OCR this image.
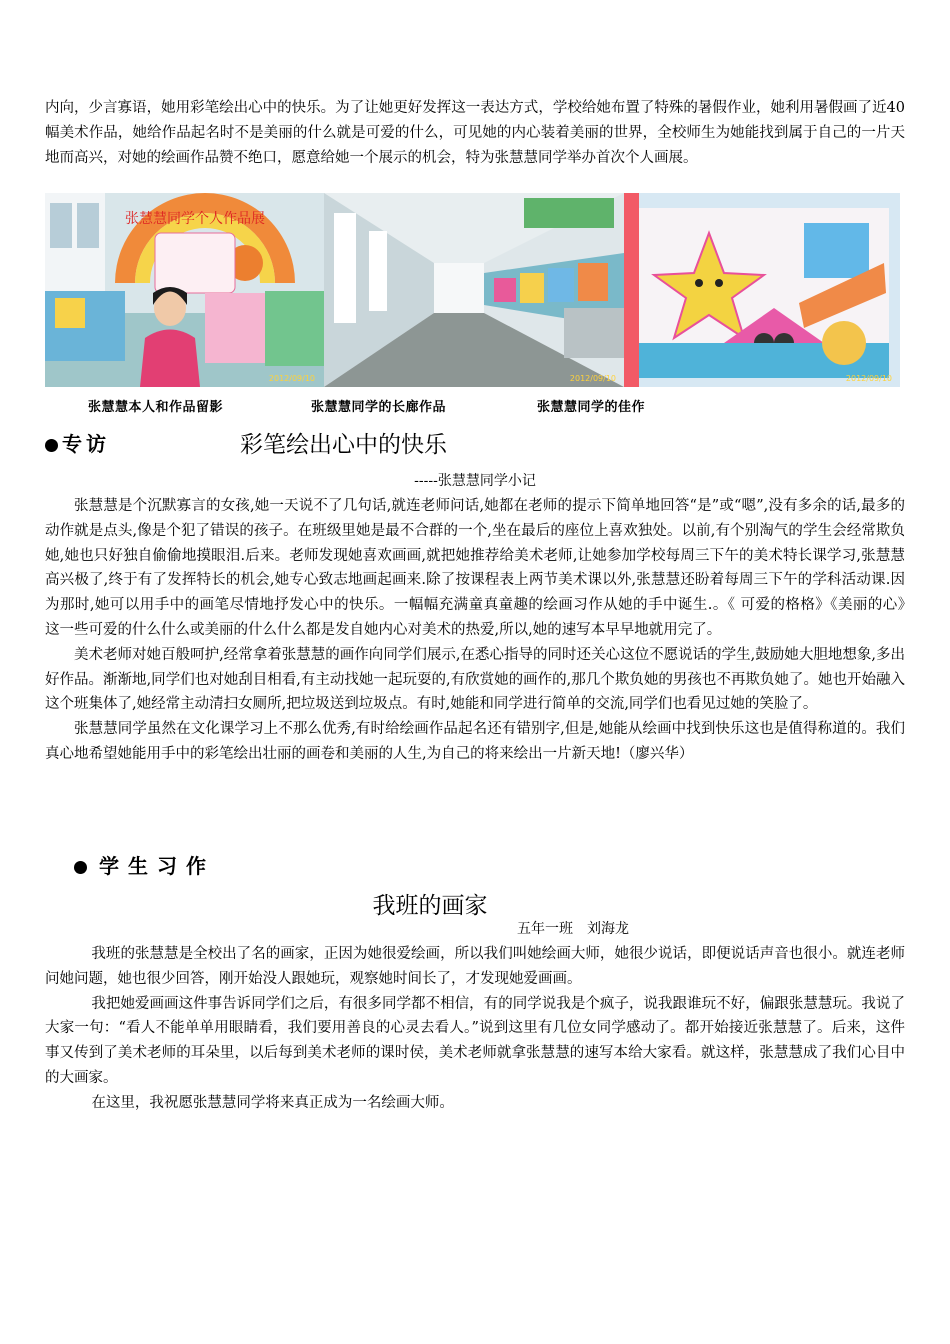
内向，少言寡语，她用彩笔绘出心中的快乐。为了让她更好发挥这一表达方式，学校给她布置了特殊的暑假作业，她利用暑假画了近40幅美术作品，她给作品起名时不是美丽的什么就是可爱的什么，可见她的内心装着美丽的世界，全校师生为她能找到属于自己的一片天地而高兴，对她的绘画作品赞不绝口，愿意给她一个展示的机会，特为张慧慧同学举办首次个人画展。

张慧慧同学个人作品展
2012/09/10	2012/09/10	2012/09/10
张慧慧本人和作品留影	张慧慧同学的长廊作品	张慧慧同学的佳作
专访	彩笔绘出心中的快乐
-----张慧慧同学小记

张慧慧是个沉默寡言的女孩,她一天说不了几句话,就连老师问话,她都在老师的提示下简单地回答“是”或“嗯”,没有多余的话,最多的动作就是点头,像是个犯了错误的孩子。在班级里她是最不合群的一个,坐在最后的座位上喜欢独处。以前,有个别淘气的学生会经常欺负她,她也只好独自偷偷地摸眼泪.后来。老师发现她喜欢画画,就把她推荐给美术老师,让她参加学校每周三下午的美术特长课学习,张慧慧高兴极了,终于有了发挥特长的机会,她专心致志地画起画来.除了按课程表上两节美术课以外,张慧慧还盼着每周三下午的学科活动课.因为那时,她可以用手中的画笔尽情地抒发心中的快乐。一幅幅充满童真童趣的绘画习作从她的手中诞生.。《 可爱的格格》《美丽的心》　　这一些可爱的什么什么或美丽的什么什么都是发自她内心对美术的热爱,所以,她的速写本早早地就用完了。

美术老师对她百般呵护,经常拿着张慧慧的画作向同学们展示,在悉心指导的同时还关心这位不愿说话的学生,鼓励她大胆地想象,多出好作品。渐渐地,同学们也对她刮目相看,有主动找她一起玩耍的,有欣赏她的画作的,那几个欺负她的男孩也不再欺负她了。她也开始融入这个班集体了,她经常主动清扫女厕所,把垃圾送到垃圾点。有时,她能和同学进行简单的交流,同学们也看见过她的笑脸了。

张慧慧同学虽然在文化课学习上不那么优秀,有时给绘画作品起名还有错别字,但是,她能从绘画中找到快乐这也是值得称道的。我们真心地希望她能用手中的彩笔绘出壮丽的画卷和美丽的人生,为自己的将来绘出一片新天地!（廖兴华）

学生习作
我班的画家
五年一班　刘海龙

我班的张慧慧是全校出了名的画家，正因为她很爱绘画，所以我们叫她绘画大师，她很少说话，即便说话声音也很小。就连老师问她问题，她也很少回答，刚开始没人跟她玩，观察她时间长了，才发现她爱画画。

我把她爱画画这件事告诉同学们之后，有很多同学都不相信，有的同学说我是个疯子，说我跟谁玩不好，偏跟张慧慧玩。我说了大家一句：“看人不能单单用眼睛看，我们要用善良的心灵去看人。”说到这里有几位女同学感动了。都开始接近张慧慧了。后来，这件事又传到了美术老师的耳朵里，以后每到美术老师的课时侯，美术老师就拿张慧慧的速写本给大家看。就这样，张慧慧成了我们心目中的大画家。

在这里，我祝愿张慧慧同学将来真正成为一名绘画大师。
